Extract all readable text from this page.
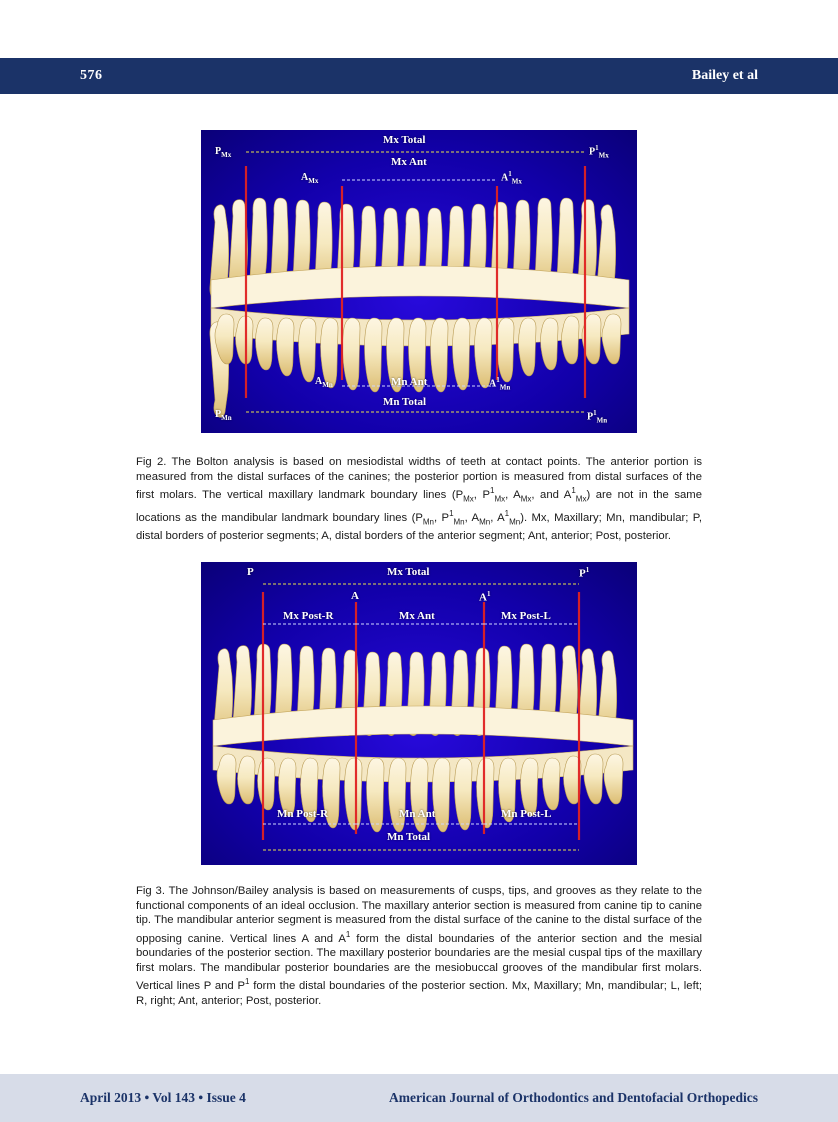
576	Bailey et al
Mx Total
Mx Ant
$P_{Mx}$	$P^1_{Mx}$
$A_{Mx}$	$A^1_{Mx}$
$A_{Mn}$	$A^1_{Mn}$
Mn Ant
Mn Total
$P_{Mn}$	$P^1_{Mn}$
Fig 2. The Bolton analysis is based on mesiodistal widths of teeth at contact points. The anterior portion is measured from the distal surfaces of the canines; the posterior portion is measured from distal surfaces of the first molars. The vertical maxillary landmark boundary lines ($P_{Mx}$, $P^1_{Mx}$, $A_{Mx}$, and $A^1_{Mx}$) are not in the same locations as the mandibular landmark boundary lines ($P_{Mn}$, $P^1_{Mn}$, $A_{Mn}$, $A^1_{Mn}$). Mx, Maxillary; Mn, mandibular; P, distal borders of posterior segments; A, distal borders of the anterior segment; Ant, anterior; Post, posterior.
P	Mx Total	$P^1$
Mx Post-R
A
Mx Ant
$A^1$
Mx Post-L
Mn Post-R	Mn Ant	Mn Post-L
Mn Total
Fig 3. The Johnson/Bailey analysis is based on measurements of cusps, tips, and grooves as they relate to the functional components of an ideal occlusion. The maxillary anterior section is measured from canine tip to canine tip. The mandibular anterior segment is measured from the distal surface of the canine to the distal surface of the opposing canine. Vertical lines A and $A^1$ form the distal boundaries of the anterior section and the mesial boundaries of the posterior section. The maxillary posterior boundaries are the mesial cuspal tips of the maxillary first molars. The mandibular posterior boundaries are the mesiobuccal grooves of the mandibular first molars. Vertical lines P and $P^1$ form the distal boundaries of the posterior section. Mx, Maxillary; Mn, mandibular; L, left; R, right; Ant, anterior; Post, posterior.
April 2013 • Vol 143 • Issue 4	American Journal of Orthodontics and Dentofacial Orthopedics
